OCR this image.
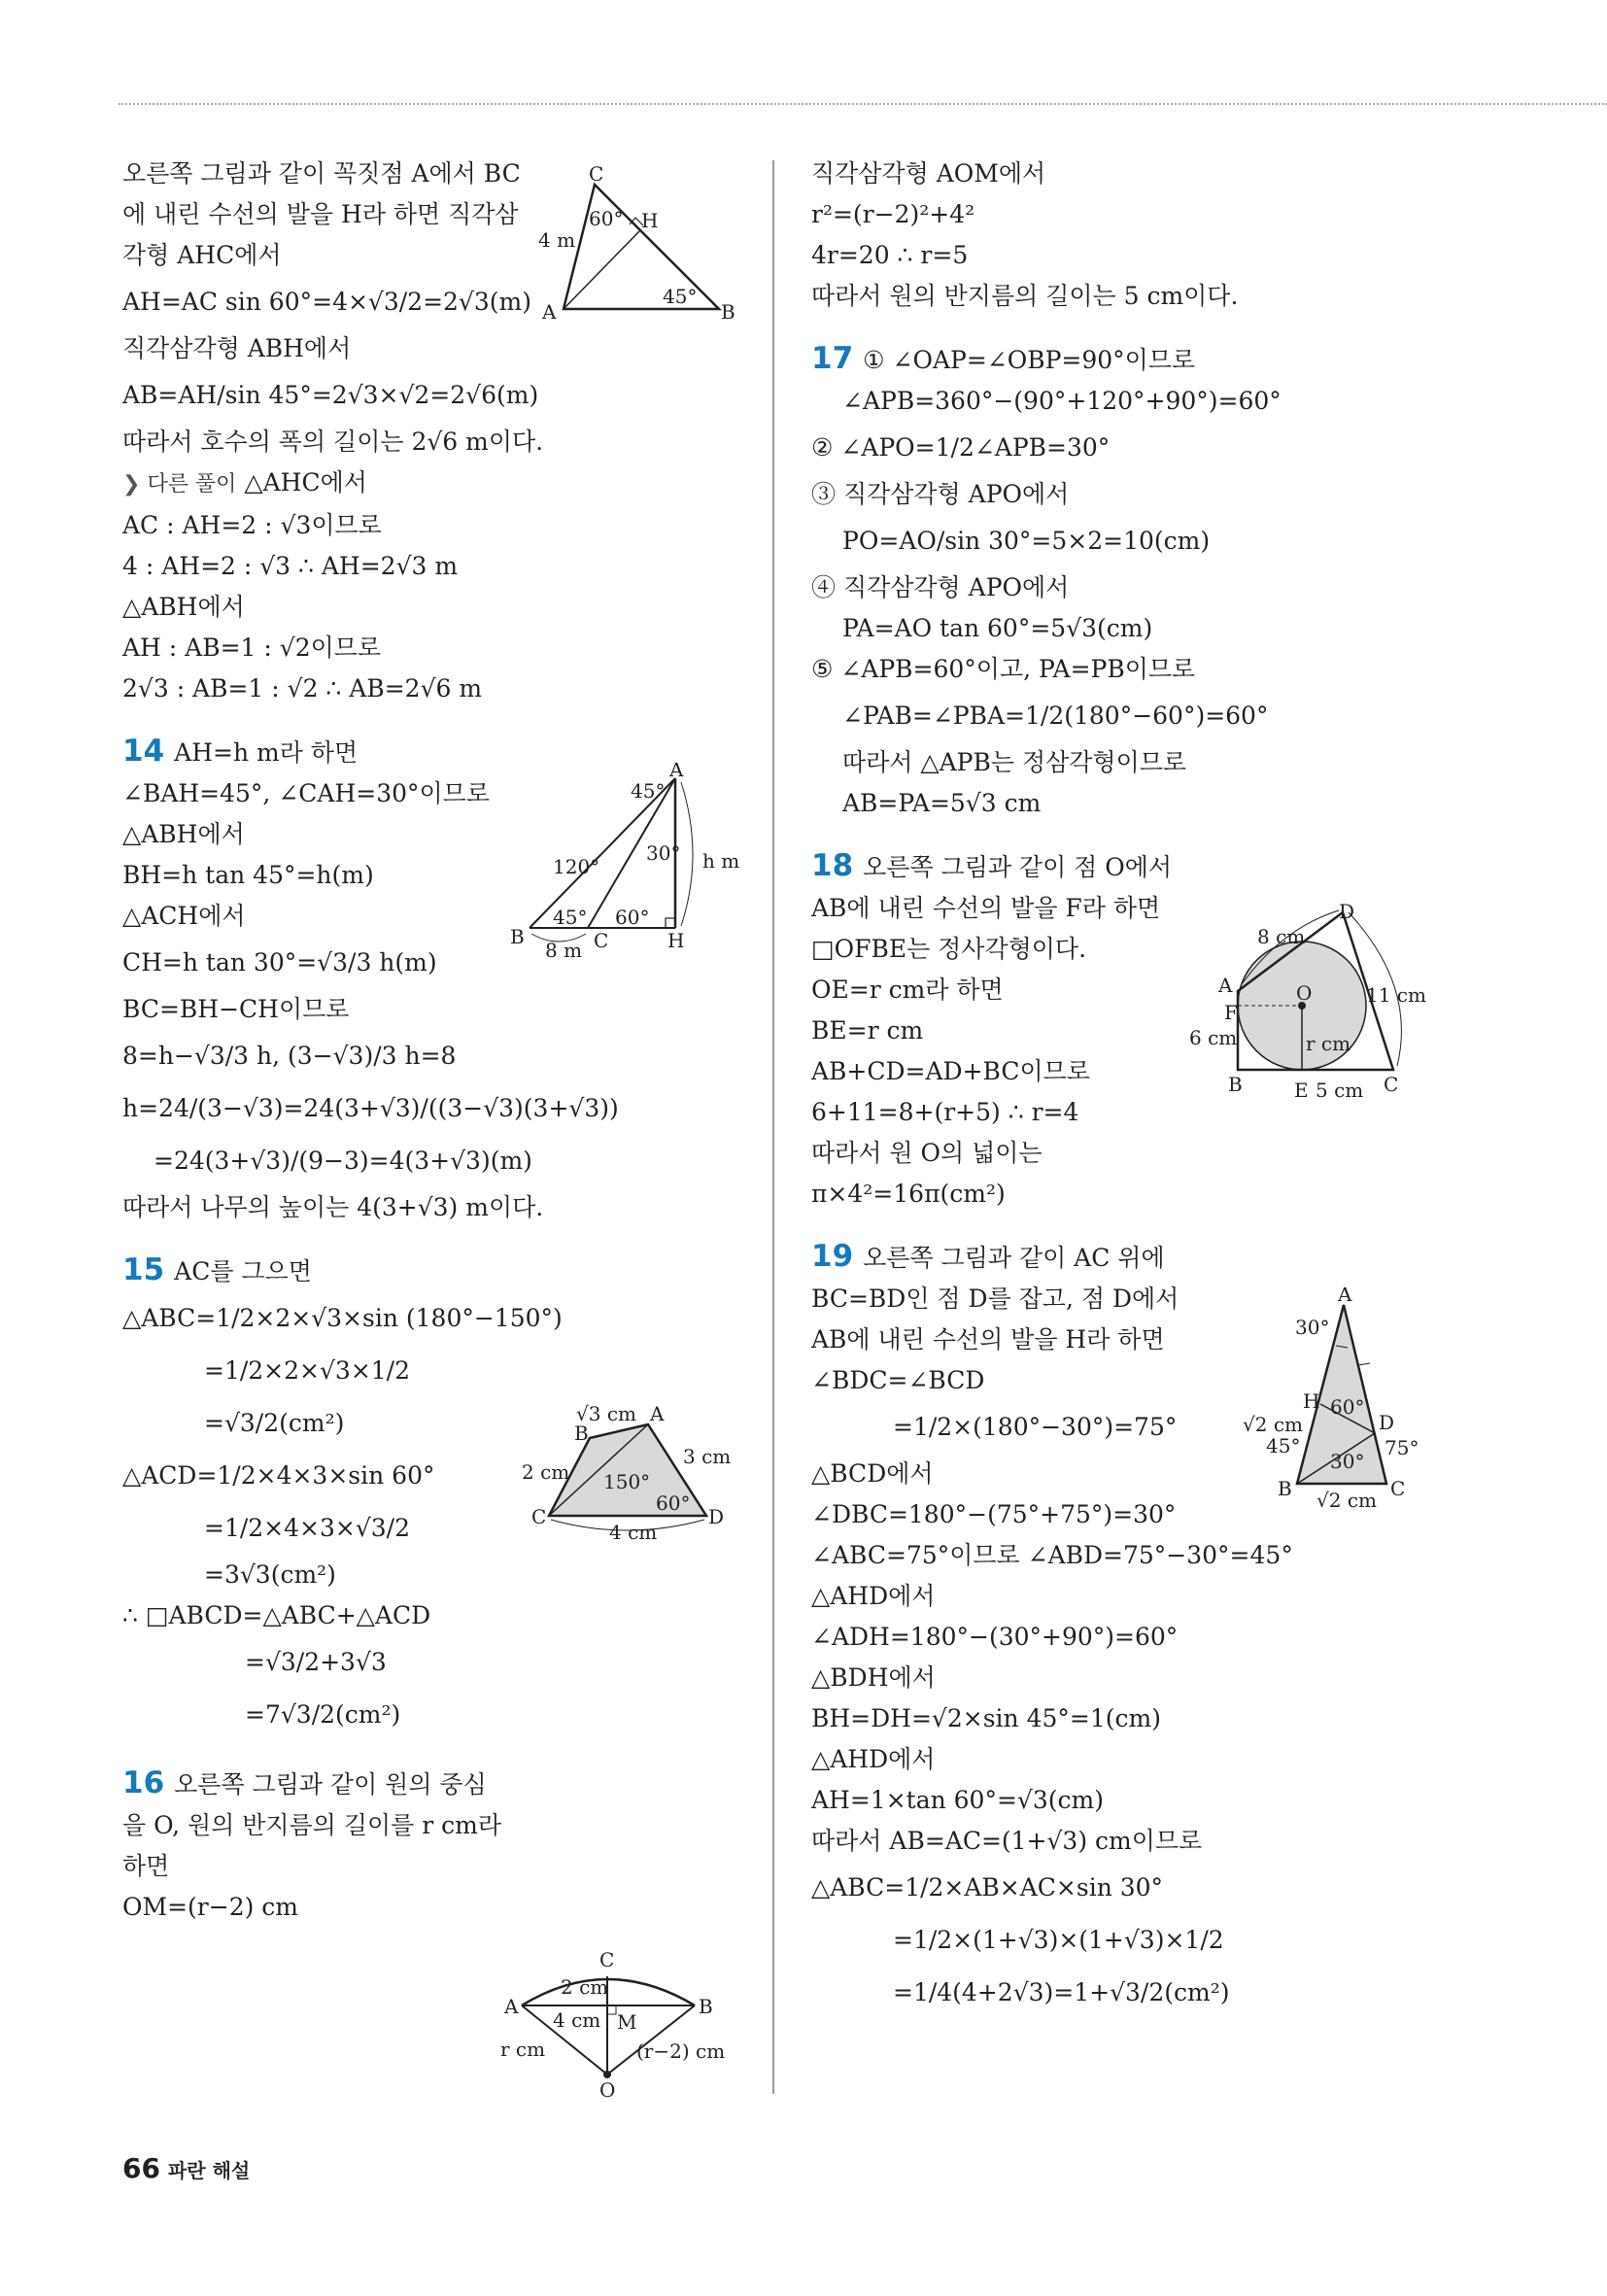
오른쪽 그림과 같이 꼭짓점 A에서 BC
에 내린 수선의 발을 H라 하면 직각삼
각형 AHC에서
AH=AC sin 60°=4×√3/2=2√3(m)
직각삼각형 ABH에서
AB=AH/sin 45°=2√3×√2=2√6(m)
따라서 호수의 폭의 길이는 2√6 m이다.
❯ 다른 풀이 △AHC에서
AC : AH=2 : √3이므로
4 : AH=2 : √3 ∴ AH=2√3 m
△ABH에서
AH : AB=1 : √2이므로
2√3 : AB=1 : √2 ∴ AB=2√6 m
14 AH=h m라 하면
∠BAH=45°, ∠CAH=30°이므로
△ABH에서
BH=h tan 45°=h(m)
△ACH에서
CH=h tan 30°=√3/3 h(m)
BC=BH−CH이므로
8=h−√3/3 h, (3−√3)/3 h=8
h=24/(3−√3)=24(3+√3)/((3−√3)(3+√3))
=24(3+√3)/(9−3)=4(3+√3)(m)
따라서 나무의 높이는 4(3+√3) m이다.
15 AC를 그으면
△ABC=1/2×2×√3×sin (180°−150°)
=1/2×2×√3×1/2
=√3/2(cm²)
△ACD=1/2×4×3×sin 60°
=1/2×4×3×√3/2
=3√3(cm²)
∴ □ABCD=△ABC+△ACD
=√3/2+3√3
=7√3/2(cm²)
16 오른쪽 그림과 같이 원의 중심
을 O, 원의 반지름의 길이를 r cm라
하면
OM=(r−2) cm
직각삼각형 AOM에서
r²=(r−2)²+4²
4r=20 ∴ r=5
따라서 원의 반지름의 길이는 5 cm이다.
17 ① ∠OAP=∠OBP=90°이므로
∠APB=360°−(90°+120°+90°)=60°
② ∠APO=1/2∠APB=30°
③ 직각삼각형 APO에서
PO=AO/sin 30°=5×2=10(cm)
④ 직각삼각형 APO에서
PA=AO tan 60°=5√3(cm)
⑤ ∠APB=60°이고, PA=PB이므로
∠PAB=∠PBA=1/2(180°−60°)=60°
따라서 △APB는 정삼각형이므로
AB=PA=5√3 cm
18 오른쪽 그림과 같이 점 O에서
AB에 내린 수선의 발을 F라 하면
□OFBE는 정사각형이다.
OE=r cm라 하면
BE=r cm
AB+CD=AD+BC이므로
6+11=8+(r+5) ∴ r=4
따라서 원 O의 넓이는
π×4²=16π(cm²)
19 오른쪽 그림과 같이 AC 위에
BC=BD인 점 D를 잡고, 점 D에서
AB에 내린 수선의 발을 H라 하면
∠BDC=∠BCD
=1/2×(180°−30°)=75°
△BCD에서
∠DBC=180°−(75°+75°)=30°
∠ABC=75°이므로 ∠ABD=75°−30°=45°
△AHD에서
∠ADH=180°−(30°+90°)=60°
△BDH에서
BH=DH=√2×sin 45°=1(cm)
△AHD에서
AH=1×tan 60°=√3(cm)
따라서 AB=AC=(1+√3) cm이므로
△ABC=1/2×AB×AC×sin 30°
=1/2×(1+√3)×(1+√3)×1/2
=1/4(4+2√3)=1+√3/2(cm²)
C
H
A	B
4 m
60°
45°
A
B	C	H
45°
30°
120°
45° 60°
8 m
h m
A
B
C	D
√3 cm
3 cm
2 cm 150°
60°
4 cm
C
A	B
2 cm
4 cm M
r cm	(r−2) cm
O
D
8 cm
A	O	11 cm
F
6 cm	r cm
B	E 5 cm C
A
30°
H 60°
D
√2 cm
45°	75°
30°
B √2 cm C
66 파란 해설
